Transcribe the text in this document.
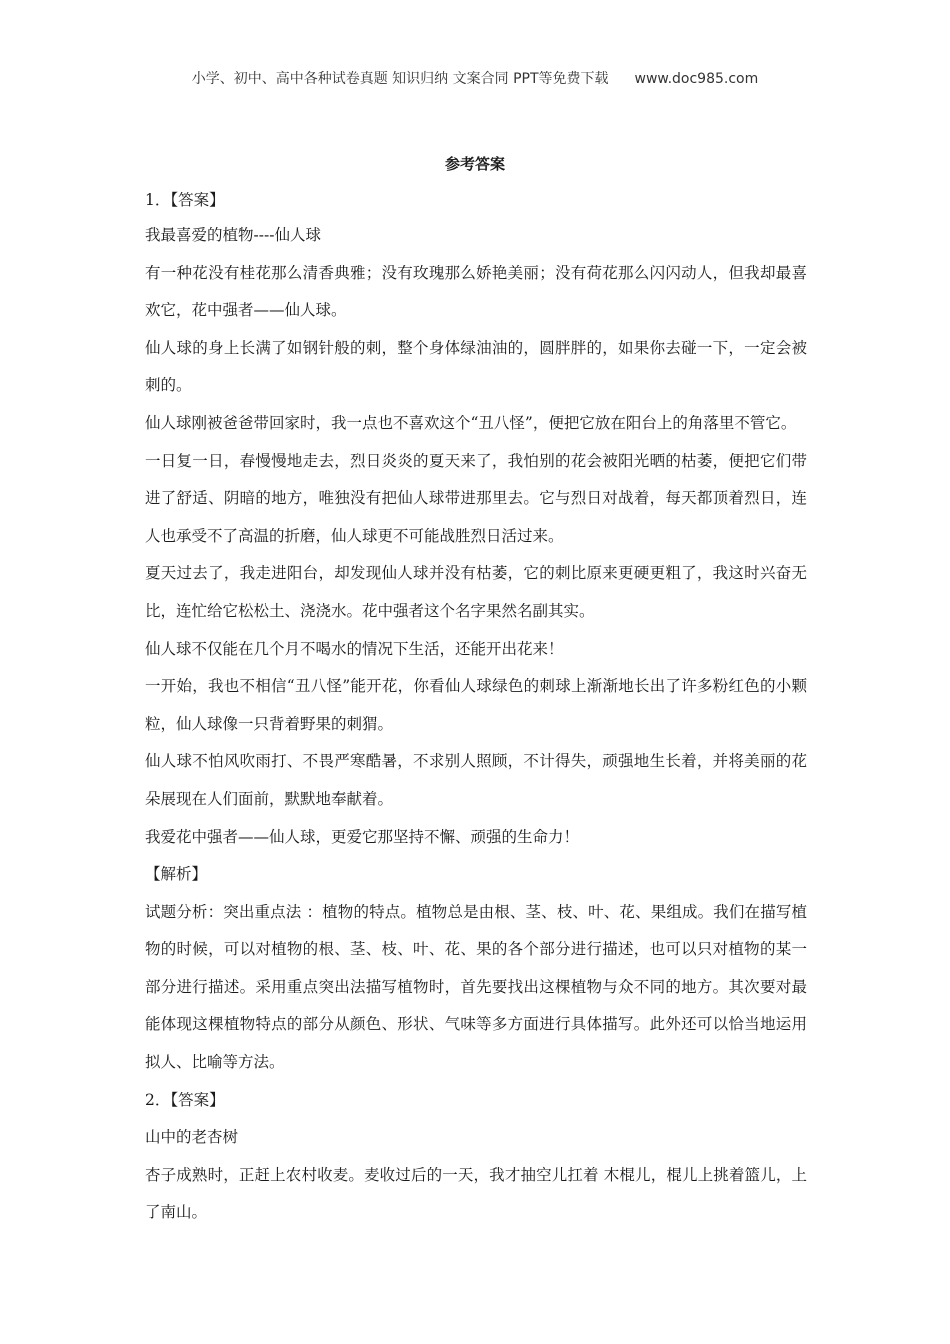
小学、初中、高中各种试卷真题 知识归纳 文案合同 PPT等免费下载 www.doc985.com
参考答案

1．【答案】

我最喜爱的植物----仙人球

有一种花没有桂花那么清香典雅；没有玫瑰那么娇艳美丽；没有荷花那么闪闪动人，但我却最喜欢它，花中强者——仙人球。

仙人球的身上长满了如钢针般的刺，整个身体绿油油的，圆胖胖的，如果你去碰一下，一定会被刺的。

仙人球刚被爸爸带回家时，我一点也不喜欢这个“丑八怪”，便把它放在阳台上的角落里不管它。

一日复一日，春慢慢地走去，烈日炎炎的夏天来了，我怕别的花会被阳光晒的枯萎，便把它们带进了舒适、阴暗的地方，唯独没有把仙人球带进那里去。它与烈日对战着，每天都顶着烈日，连人也承受不了高温的折磨，仙人球更不可能战胜烈日活过来。

夏天过去了，我走进阳台，却发现仙人球并没有枯萎，它的刺比原来更硬更粗了，我这时兴奋无比，连忙给它松松土、浇浇水。花中强者这个名字果然名副其实。

仙人球不仅能在几个月不喝水的情况下生活，还能开出花来！

一开始，我也不相信“丑八怪”能开花，你看仙人球绿色的刺球上渐渐地长出了许多粉红色的小颗粒，仙人球像一只背着野果的刺猬。

仙人球不怕风吹雨打、不畏严寒酷暑，不求别人照顾，不计得失，顽强地生长着，并将美丽的花朵展现在人们面前，默默地奉献着。

我爱花中强者——仙人球，更爱它那坚持不懈、顽强的生命力！

【解析】

试题分析：突出重点法 ：植物的特点。植物总是由根、茎、枝、叶、花、果组成。我们在描写植物的时候，可以对植物的根、茎、枝、叶、花、果的各个部分进行描述，也可以只对植物的某一部分进行描述。采用重点突出法描写植物时，首先要找出这棵植物与众不同的地方。其次要对最能体现这棵植物特点的部分从颜色、形状、气味等多方面进行具体描写。此外还可以恰当地运用拟人、比喻等方法。

2．【答案】

山中的老杏树

杏子成熟时，正赶上农村收麦。麦收过后的一天，我才抽空儿扛着 木棍儿，棍儿上挑着篮儿，上了南山。
